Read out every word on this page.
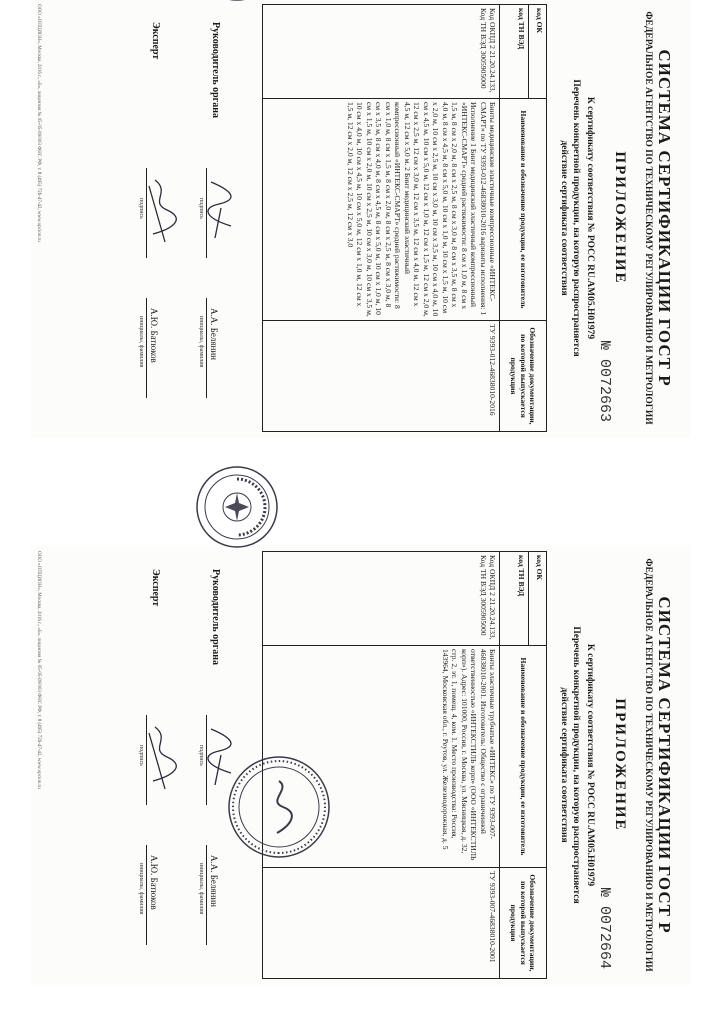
СИСТЕМА СЕРТИФИКАЦИИ ГОСТ Р
ФЕДЕРАЛЬНОЕ АГЕНТСТВО ПО ТЕХНИЧЕСКОМУ РЕГУЛИРОВАНИЮ И МЕТРОЛОГИИ
ПРИЛОЖЕНИЕ
№ 0072663
К сертификату соответствия № РОСС RU.AM05.H01979
Перечень конкретной продукции, на которую распространяется
действие сертификата соответствия
код ОК
код ТН ВЭД	Наименование и обозначение продукции, ее изготовитель	Обозначение документации, по которой выпускается продукция
Код ОКПД 2 21.20.24.133, Код ТН ВЭД 3005905000	Бинты медицинские эластичные компрессионные «ИНТЕКС-СМАРТ» по ТУ 9393-012-46838010-2016 варианты исполнения: 1 Исполнение 1 Бинт медицинский эластичный компрессионный «ИНТЕКС-СМАРТ» средней растяжимости: 8 см х 1,0 м, 8 см х 1,5 м, 8 см х 2,0 м, 8 см х 2,5 м, 8 см х 3,0 м, 8 см х 3,5 м, 8 см х 4,0 м, 8 см х 4,5 м, 8 см х 5,0 м, 10 см х 1,0 м, 10 см х 1,5 м, 10 см х 2,0 м, 10 см х 2,5 м, 10 см х 3,0 м, 10 см х 3,5 м, 10 см х 4,0 м, 10 см х 4,5 м, 10 см х 5,0 м, 12 см х 1,0 м, 12 см х 1,5 м, 12 см х 2,0 м, 12 см х 2,5 м, 12 см х 3,0 м, 12 см х 3,5 м, 12 см х 4,0 м, 12 см х 4,5 м, 12 см х 5,0 м. 2 Бинт медицинский эластичный компрессионный «ИНТЕКС-СМАРТ» средней растяжимости: 8 см х 1,0 м, 8 см х 1,5 м, 8 см х 2,0 м, 8 см х 2,5 м, 8 см х 3,0 м, 8 см х 3,5 м, 8 см х 4,0 м, 8 см х 4,5 м, 8 см х 5,0 м, 10 см х 1,0 м, 10 см х 1,5 м, 10 см х 2,0 м, 10 см х 2,5 м, 10 см х 3,0 м, 10 см х 3,5 м, 10 см х 4,0 м, 10 см х 4,5 м, 10 см х 5,0 м, 12 см х 1,0 м, 12 см х 1,5 м, 12 см х 2,0 м, 12 см х 2,5 м, 12 см х 3,0	ТУ 9393-012-46838010-2016
Руководитель органа
подпись
А.А. Белянин
инициалы, фамилия
Эксперт
подпись
А.Ю. Батюков
инициалы, фамилия
ООО «ОПЦИОН», Москва, 2016 г., «Б», лицензия № 05-05-09/003 ФНС РФ, т. 8 (495) 726-47-42, www.opcion.ru
СИСТЕМА СЕРТИФИКАЦИИ ГОСТ Р
ФЕДЕРАЛЬНОЕ АГЕНТСТВО ПО ТЕХНИЧЕСКОМУ РЕГУЛИРОВАНИЮ И МЕТРОЛОГИИ
ПРИЛОЖЕНИЕ
№ 0072664
К сертификату соответствия № РОСС RU.AM05.H01979
Перечень конкретной продукции, на которую распространяется
действие сертификата соответствия
код ОК
код ТН ВЭД	Наименование и обозначение продукции, ее изготовитель	Обозначение документации, по которой выпускается продукция
Код ОКПД 2 21.20.24.133, Код ТН ВЭД 3005905000	Бинты эластичные трубчатые «ИНТЕКС» по ТУ 9393-007-46838010-2001. Изготовитель: Общество с ограниченной ответственностью «ИНТЕКСТИЛЬ корп» (ООО «ИНТЕКСТИЛЬ корп»). Адрес: 101000, Россия, г. Москва, ул. Мясницкая, д. 32, стр. 2, эт. 1, помещ. 4, ком. 1. Место производства: Россия, 143964, Московская обл., г. Реутов, ул. Железнодорожная, д. 5	ТУ 9393-007-46838010-2001
Руководитель органа
подпись
А.А. Белянин
инициалы, фамилия
Эксперт
подпись
А.Ю. Батюков
инициалы, фамилия
ООО «ОПЦИОН», Москва, 2016 г., «Б», лицензия № 05-05-09/003 ФНС РФ, т. 8 (495) 726-47-42, www.opcion.ru
